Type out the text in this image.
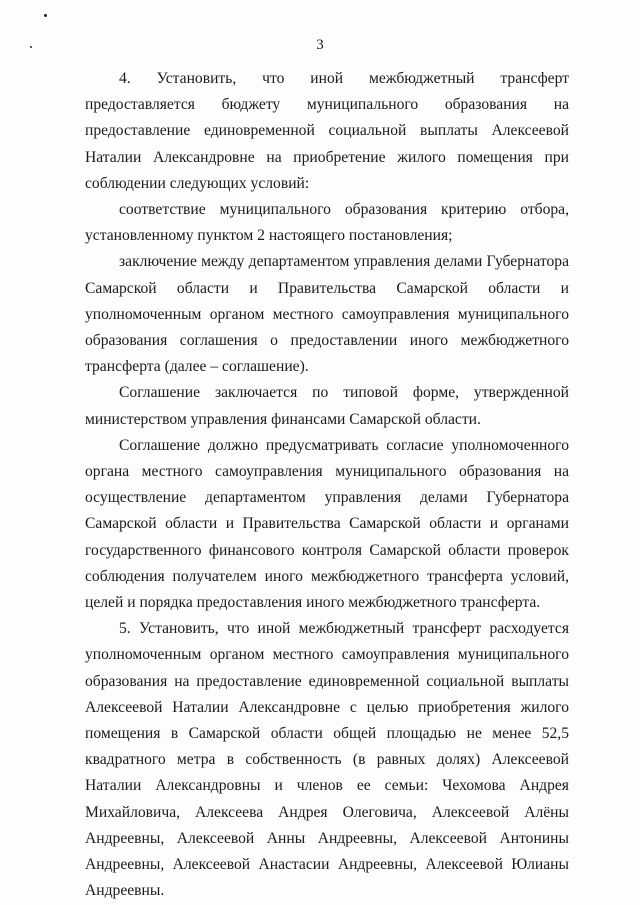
3

4. Установить, что иной межбюджетный трансферт предоставляется бюджету муниципального образования на предоставление единовременной социальной выплаты Алексеевой Наталии Александровне на приобретение жилого помещения при соблюдении следующих условий:

соответствие муниципального образования критерию отбора, установленному пунктом 2 настоящего постановления;

заключение между департаментом управления делами Губернатора Самарской области и Правительства Самарской области и уполномоченным органом местного самоуправления муниципального образования соглашения о предоставлении иного межбюджетного трансферта (далее – соглашение).

Соглашение заключается по типовой форме, утвержденной министерством управления финансами Самарской области.

Соглашение должно предусматривать согласие уполномоченного органа местного самоуправления муниципального образования на осуществление департаментом управления делами Губернатора Самарской области и Правительства Самарской области и органами государственного финансового контроля Самарской области проверок соблюдения получателем иного межбюджетного трансферта условий, целей и порядка предоставления иного межбюджетного трансферта.

5. Установить, что иной межбюджетный трансферт расходуется уполномоченным органом местного самоуправления муниципального образования на предоставление единовременной социальной выплаты Алексеевой Наталии Александровне с целью приобретения жилого помещения в Самарской области общей площадью не менее 52,5 квадратного метра в собственность (в равных долях) Алексеевой Наталии Александровны и членов ее семьи: Чехомова Андрея Михайловича, Алексеева Андрея Олеговича, Алексеевой Алёны Андреевны, Алексеевой Анны Андреевны, Алексеевой Антонины Андреевны, Алексеевой Анастасии Андреевны, Алексеевой Юлианы Андреевны.
